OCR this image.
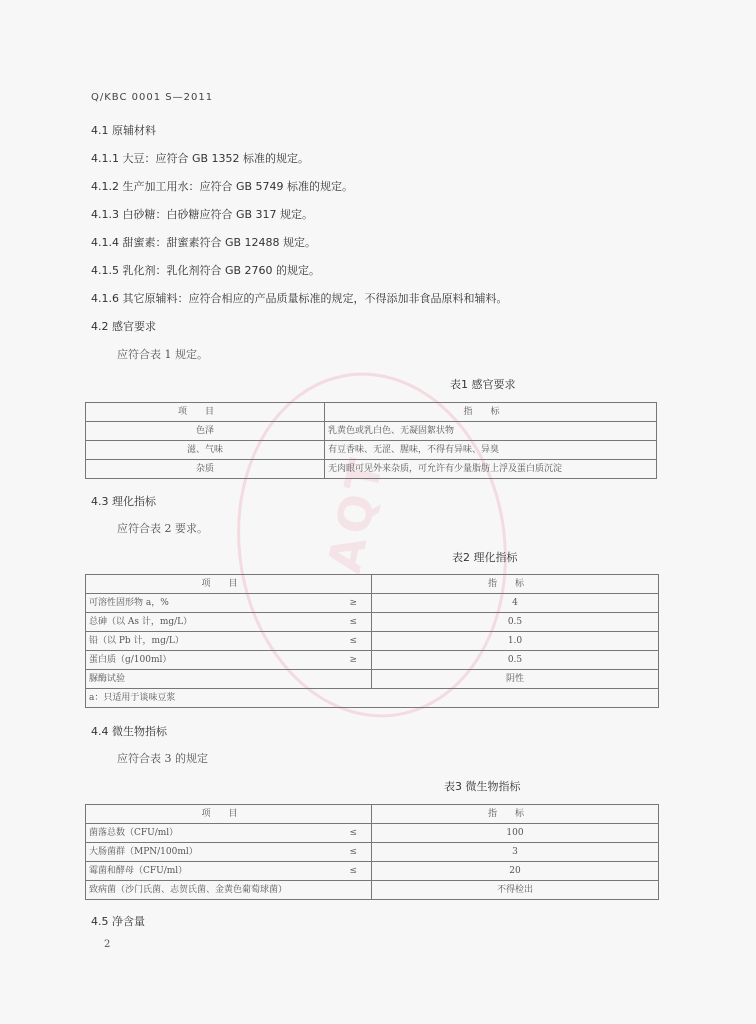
AQT
Q/KBC 0001 S—2011
4.1 原辅材料
4.1.1 大豆：应符合 GB 1352 标准的规定。
4.1.2 生产加工用水：应符合 GB 5749 标准的规定。
4.1.3 白砂糖：白砂糖应符合 GB 317 规定。
4.1.4 甜蜜素：甜蜜素符合 GB 12488 规定。
4.1.5 乳化剂：乳化剂符合 GB 2760 的规定。
4.1.6 其它原辅料：应符合相应的产品质量标准的规定，不得添加非食品原料和辅料。
4.2 感官要求
应符合表 1 规定。
表1 感官要求
项目	指标
色泽	乳黄色或乳白色、无凝固絮状物
滋、气味	有豆香味、无涩、腥味，不得有异味、异臭
杂质	无肉眼可见外来杂质，可允许有少量脂肪上浮及蛋白质沉淀
4.3 理化指标
应符合表 2 要求。
表2 理化指标
项目		指标
可溶性固形物 a，%	≥	4
总砷（以 As 计，mg/L）	≤	0.5
铅（以 Pb 计，mg/L）	≤	1.0
蛋白质（g/100ml）	≥	0.5
脲酶试验		阴性
a：只适用于谈味豆浆		
4.4 微生物指标
应符合表 3 的规定
表3 微生物指标
项目		指标
菌落总数（CFU/ml）	≤	100
大肠菌群（MPN/100ml）	≤	3
霉菌和酵母（CFU/ml）	≤	20
致病菌（沙门氏菌、志贺氏菌、金黄色葡萄球菌）		不得检出
4.5 净含量
2
